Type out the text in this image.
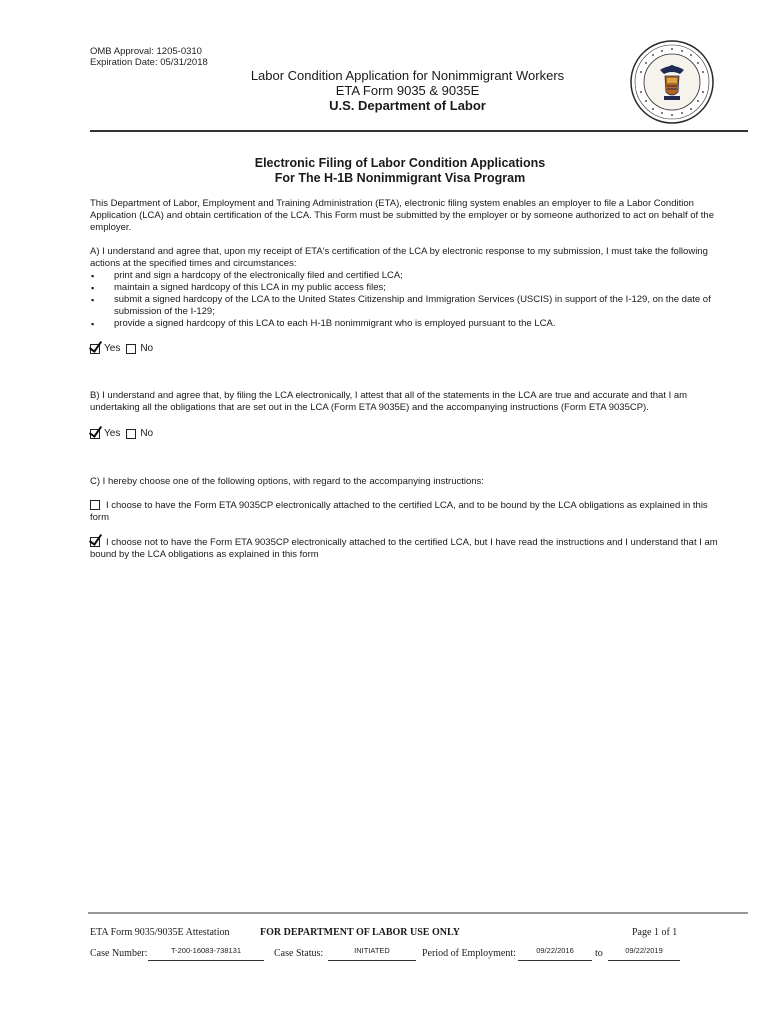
OMB Approval: 1205-0310
Expiration Date: 05/31/2018
Labor Condition Application for Nonimmigrant Workers
ETA Form 9035 & 9035E
U.S. Department of Labor
Electronic Filing of Labor Condition Applications
For The H-1B Nonimmigrant Visa Program
This Department of Labor, Employment and Training Administration (ETA), electronic filing system enables an employer to file a Labor Condition Application (LCA) and obtain certification of the LCA. This Form must be submitted by the employer or by someone authorized to act on behalf of the employer.
A) I understand and agree that, upon my receipt of ETA's certification of the LCA by electronic response to my submission, I must take the following actions at the specified times and circumstances:
▪ print and sign a hardcopy of the electronically filed and certified LCA;
▪ maintain a signed hardcopy of this LCA in my public access files;
▪ submit a signed hardcopy of the LCA to the United States Citizenship and Immigration Services (USCIS) in support of the I-129, on the date of submission of the I-129;
▪ provide a signed hardcopy of this LCA to each H-1B nonimmigrant who is employed pursuant to the LCA.
Yes No
B) I understand and agree that, by filing the LCA electronically, I attest that all of the statements in the LCA are true and accurate and that I am undertaking all the obligations that are set out in the LCA (Form ETA 9035E) and the accompanying instructions (Form ETA 9035CP).
Yes No
C) I hereby choose one of the following options, with regard to the accompanying instructions:
I choose to have the Form ETA 9035CP electronically attached to the certified LCA, and to be bound by the LCA obligations as explained in this form
I choose not to have the Form ETA 9035CP electronically attached to the certified LCA, but I have read the instructions and I understand that I am bound by the LCA obligations as explained in this form
ETA Form 9035/9035E Attestation	FOR DEPARTMENT OF LABOR USE ONLY	Page 1 of 1
Case Number:	T-200-16083-738131	Case Status:	INITIATED	Period of Employment:	09/22/2016	to	09/22/2019
